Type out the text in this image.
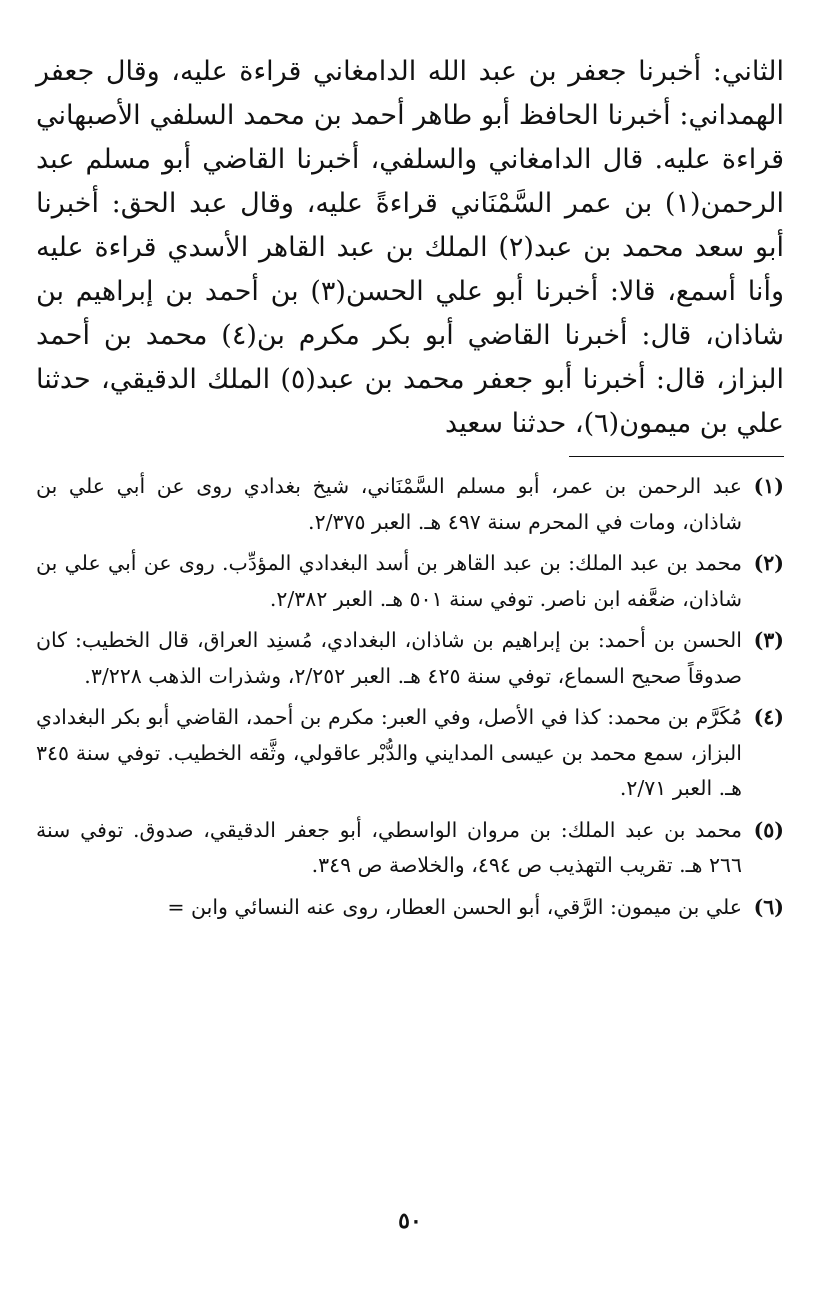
الثاني: أخبرنا جعفر بن عبد الله الدامغاني قراءة عليه، وقال جعفر الهمداني: أخبرنا الحافظ أبو طاهر أحمد بن محمد السلفي الأصبهاني قراءة عليه. قال الدامغاني والسلفي، أخبرنا القاضي أبو مسلم عبد الرحمن(١) بن عمر السَّمْنَاني قراءةً عليه، وقال عبد الحق: أخبرنا أبو سعد محمد بن عبد(٢) الملك بن عبد القاهر الأسدي قراءة عليه وأنا أسمع، قالا: أخبرنا أبو علي الحسن(٣) بن أحمد بن إبراهيم بن شاذان، قال: أخبرنا القاضي أبو بكر مكرم بن(٤) محمد بن أحمد البزاز، قال: أخبرنا أبو جعفر محمد بن عبد(٥) الملك الدقيقي، حدثنا علي بن ميمون(٦)، حدثنا سعيد

(١)
عبد الرحمن بن عمر، أبو مسلم السَّمْنَاني، شيخ بغدادي روى عن أبي علي بن شاذان، ومات في المحرم سنة ٤٩٧ هـ. العبر ٢/٣٧٥.
(٢)
محمد بن عبد الملك: بن عبد القاهر بن أسد البغدادي المؤدِّب. روى عن أبي علي بن شاذان، ضعَّفه ابن ناصر. توفي سنة ٥٠١ هـ. العبر ٢/٣٨٢.
(٣)
الحسن بن أحمد: بن إبراهيم بن شاذان، البغدادي، مُسنِد العراق، قال الخطيب: كان صدوقاً صحيح السماع، توفي سنة ٤٢٥ هـ. العبر ٢/٢٥٢، وشذرات الذهب ٣/٢٢٨.
(٤)
مُكَرَّم بن محمد: كذا في الأصل، وفي العبر: مكرم بن أحمد، القاضي أبو بكر البغدادي البزاز، سمع محمد بن عيسى المدايني والدُّبْر عاقولي، وثَّقه الخطيب. توفي سنة ٣٤٥ هـ. العبر ٢/٧١.
(٥)
محمد بن عبد الملك: بن مروان الواسطي، أبو جعفر الدقيقي، صدوق. توفي سنة ٢٦٦ هـ. تقريب التهذيب ص ٤٩٤، والخلاصة ص ٣٤٩.
(٦)
علي بن ميمون: الرَّقي، أبو الحسن العطار، روى عنه النسائي وابن =
٥٠
